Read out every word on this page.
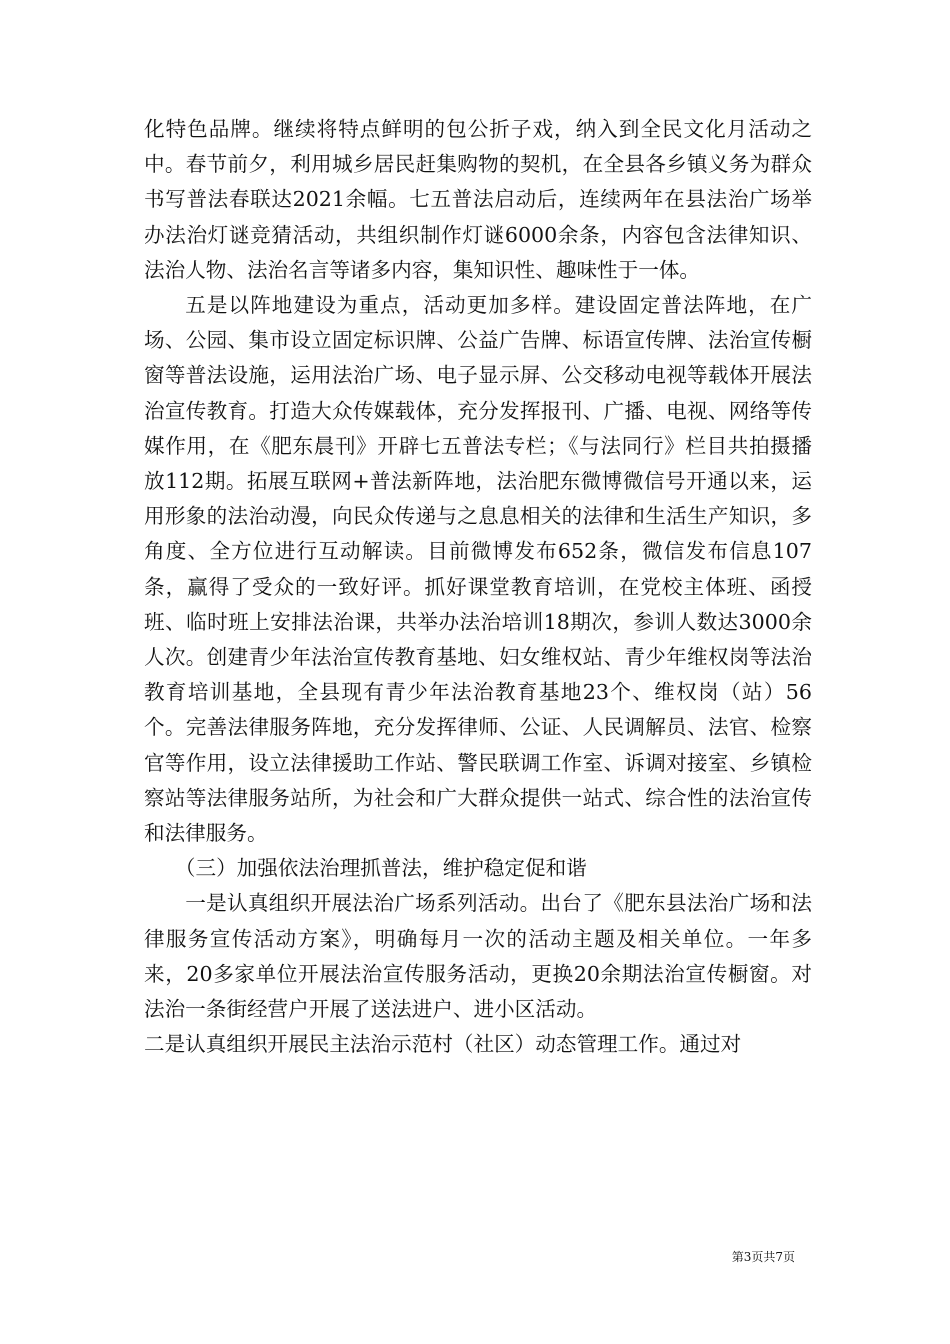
化特色品牌。继续将特点鲜明的包公折子戏，纳入到全民文化月活动之中。春节前夕，利用城乡居民赶集购物的契机，在全县各乡镇义务为群众书写普法春联达2021余幅。七五普法启动后，连续两年在县法治广场举办法治灯谜竞猜活动，共组织制作灯谜6000余条，内容包含法律知识、法治人物、法治名言等诸多内容，集知识性、趣味性于一体。

五是以阵地建设为重点，活动更加多样。建设固定普法阵地，在广场、公园、集市设立固定标识牌、公益广告牌、标语宣传牌、法治宣传橱窗等普法设施，运用法治广场、电子显示屏、公交移动电视等载体开展法治宣传教育。打造大众传媒载体，充分发挥报刊、广播、电视、网络等传媒作用，在《肥东晨刊》开辟七五普法专栏；《与法同行》栏目共拍摄播放112期。拓展互联网+普法新阵地，法治肥东微博微信号开通以来，运用形象的法治动漫，向民众传递与之息息相关的法律和生活生产知识，多角度、全方位进行互动解读。目前微博发布652条，微信发布信息107条，赢得了受众的一致好评。抓好课堂教育培训，在党校主体班、函授班、临时班上安排法治课，共举办法治培训18期次，参训人数达3000余人次。创建青少年法治宣传教育基地、妇女维权站、青少年维权岗等法治教育培训基地，全县现有青少年法治教育基地23个、维权岗（站）56个。完善法律服务阵地，充分发挥律师、公证、人民调解员、法官、检察官等作用，设立法律援助工作站、警民联调工作室、诉调对接室、乡镇检察站等法律服务站所，为社会和广大群众提供一站式、综合性的法治宣传和法律服务。

（三）加强依法治理抓普法，维护稳定促和谐

一是认真组织开展法治广场系列活动。出台了《肥东县法治广场和法律服务宣传活动方案》，明确每月一次的活动主题及相关单位。一年多来，20多家单位开展法治宣传服务活动，更换20余期法治宣传橱窗。对法治一条街经营户开展了送法进户、进小区活动。

二是认真组织开展民主法治示范村（社区）动态管理工作。通过对

第3页共7页
